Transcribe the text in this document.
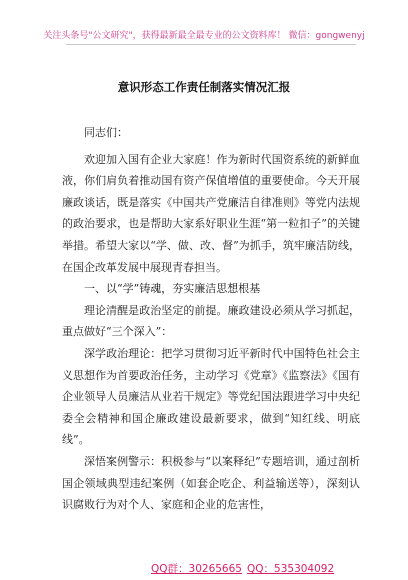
关注头条号"公文研究"，获得最新最全最专业的公文资料库！ 微信：gongwenyj
意识形态工作责任制落实情况汇报

同志们：

欢迎加入国有企业大家庭！作为新时代国资系统的新鲜血液，你们肩负着推动国有资产保值增值的重要使命。今天开展廉政谈话，既是落实《中国共产党廉洁自律准则》等党内法规的政治要求，也是帮助大家系好职业生涯“第一粒扣子”的关键举措。希望大家以“学、做、改、督”为抓手，筑牢廉洁防线，在国企改革发展中展现青春担当。

一、以“学”铸魂，夯实廉洁思想根基

理论清醒是政治坚定的前提。廉政建设必须从学习抓起，重点做好“三个深入”：

深学政治理论：把学习贯彻习近平新时代中国特色社会主义思想作为首要政治任务，主动学习《党章》《监察法》《国有企业领导人员廉洁从业若干规定》等党纪国法跟进学习中央纪委全会精神和国企廉政建设最新要求，做到“知红线、明底线”。

深悟案例警示：积极参与“以案释纪”专题培训，通过剖析国企领域典型违纪案例（如套企吃企、利益输送等），深刻认识腐败行为对个人、家庭和企业的危害性，

QQ群：30265665 QQ：535304092
